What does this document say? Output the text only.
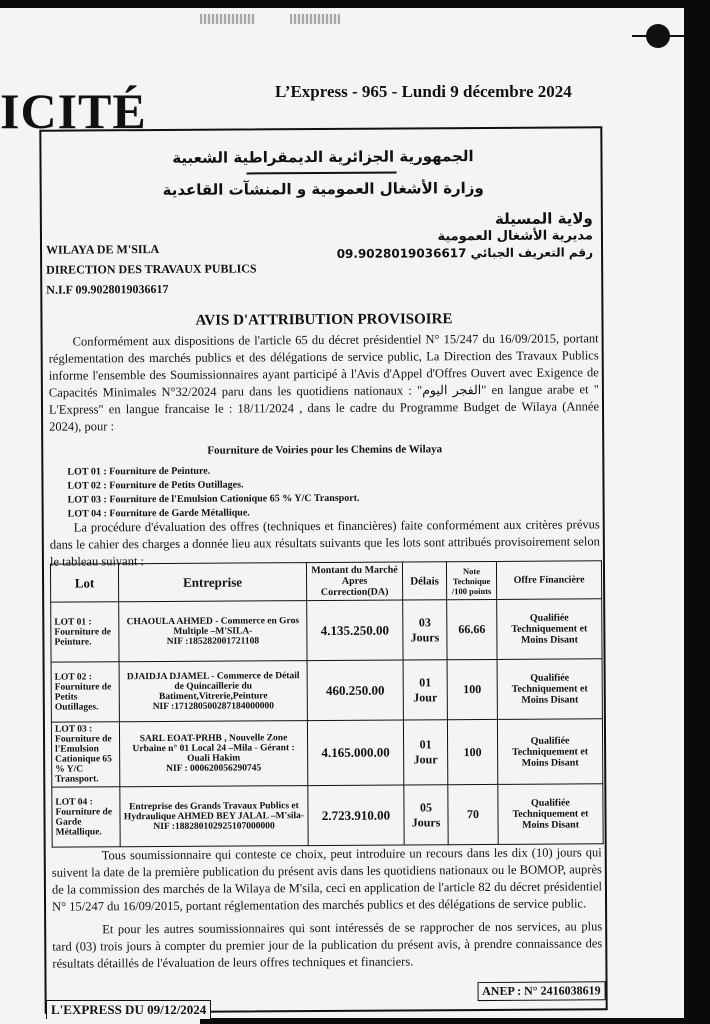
ICITÉ	L’Express - 965 - Lundi 9 décembre 2024
الجمهورية الجزائرية الديمقراطية الشعبية
وزارة الأشغال العمومية و المنشآت القاعدية
ولاية المسيلة
مديرية الأشغال العمومية
رقم التعريف الجبائي 09.9028019036617
WILAYA DE M'SILA
DIRECTION DES TRAVAUX PUBLICS
N.I.F 09.9028019036617
AVIS D'ATTRIBUTION PROVISOIRE

Conformément aux dispositions de l'article 65 du décret présidentiel N° 15/247 du 16/09/2015, portant réglementation des marchés publics et des délégations de service public, La Direction des Travaux Publics informe l'ensemble des Soumissionnaires ayant participé à l'Avis d'Appel d'Offres Ouvert avec Exigence de Capacités Minimales N°32/2024 paru dans les quotidiens nationaux : "الفجر اليوم" en langue arabe et " L'Express" en langue francaise le : 18/11/2024 , dans le cadre du Programme Budget de Wilaya (Année 2024), pour :

Fourniture de Voiries pour les Chemins de Wilaya
LOT 01 : Fourniture de Peinture.
LOT 02 : Fourniture de Petits Outillages.
LOT 03 : Fourniture de l'Emulsion Cationique 65 % Y/C Transport.
LOT 04 : Fourniture de Garde Métallique.

La procédure d'évaluation des offres (techniques et financières) faite conformément aux critères prévus dans le cahier des charges a donnée lieu aux résultats suivants que les lots sont attribués provisoirement selon le tableau suivant :

Lot	Entreprise	Montant du Marché Apres Correction(DA)	Délais	Note Technique /100 points	Offre Financière
LOT 01 : Fourniture de Peinture.	CHAOULA AHMED - Commerce en Gros Multiple –M'SILA-
NIF :185282001721108	4.135.250.00	03 Jours	66.66	Qualifiée Techniquement et Moins Disant
LOT 02 : Fourniture de Petits Outillages.	DJAIDJA DJAMEL - Commerce de Détail de Quincaillerie du Batiment,Vitrerie,Peinture
NIF :171280500287184000000	460.250.00	01 Jour	100	Qualifiée Techniquement et Moins Disant
LOT 03 : Fourniture de l'Emulsion Cationique 65 % Y/C Transport.	SARL EOAT-PRHB , Nouvelle Zone Urbaine n° 01 Local 24 –Mila - Gérant : Ouali Hakim
NIF : 000620056290745	4.165.000.00	01 Jour	100	Qualifiée Techniquement et Moins Disant
LOT 04 : Fourniture de Garde Métallique.	Entreprise des Grands Travaux Publics et Hydraulique AHMED BEY JALAL –M'sila-
NIF :188280102925107000000	2.723.910.00	05 Jours	70	Qualifiée Techniquement et Moins Disant

Tous soumissionnaire qui conteste ce choix, peut introduire un recours dans les dix (10) jours qui suivent la date de la première publication du présent avis dans les quotidiens nationaux ou le BOMOP, auprès de la commission des marchés de la Wilaya de M'sila, ceci en application de l'article 82 du décret présidentiel N° 15/247 du 16/09/2015, portant réglementation des marchés publics et des délégations de service public.

Et pour les autres soumissionnaires qui sont intéressés de se rapprocher de nos services, au plus tard (03) trois jours à compter du premier jour de la publication du présent avis, à prendre connaissance des résultats détaillés de l'évaluation de leurs offres techniques et financiers.

ANEP : N° 2416038619
L'EXPRESS DU 09/12/2024
